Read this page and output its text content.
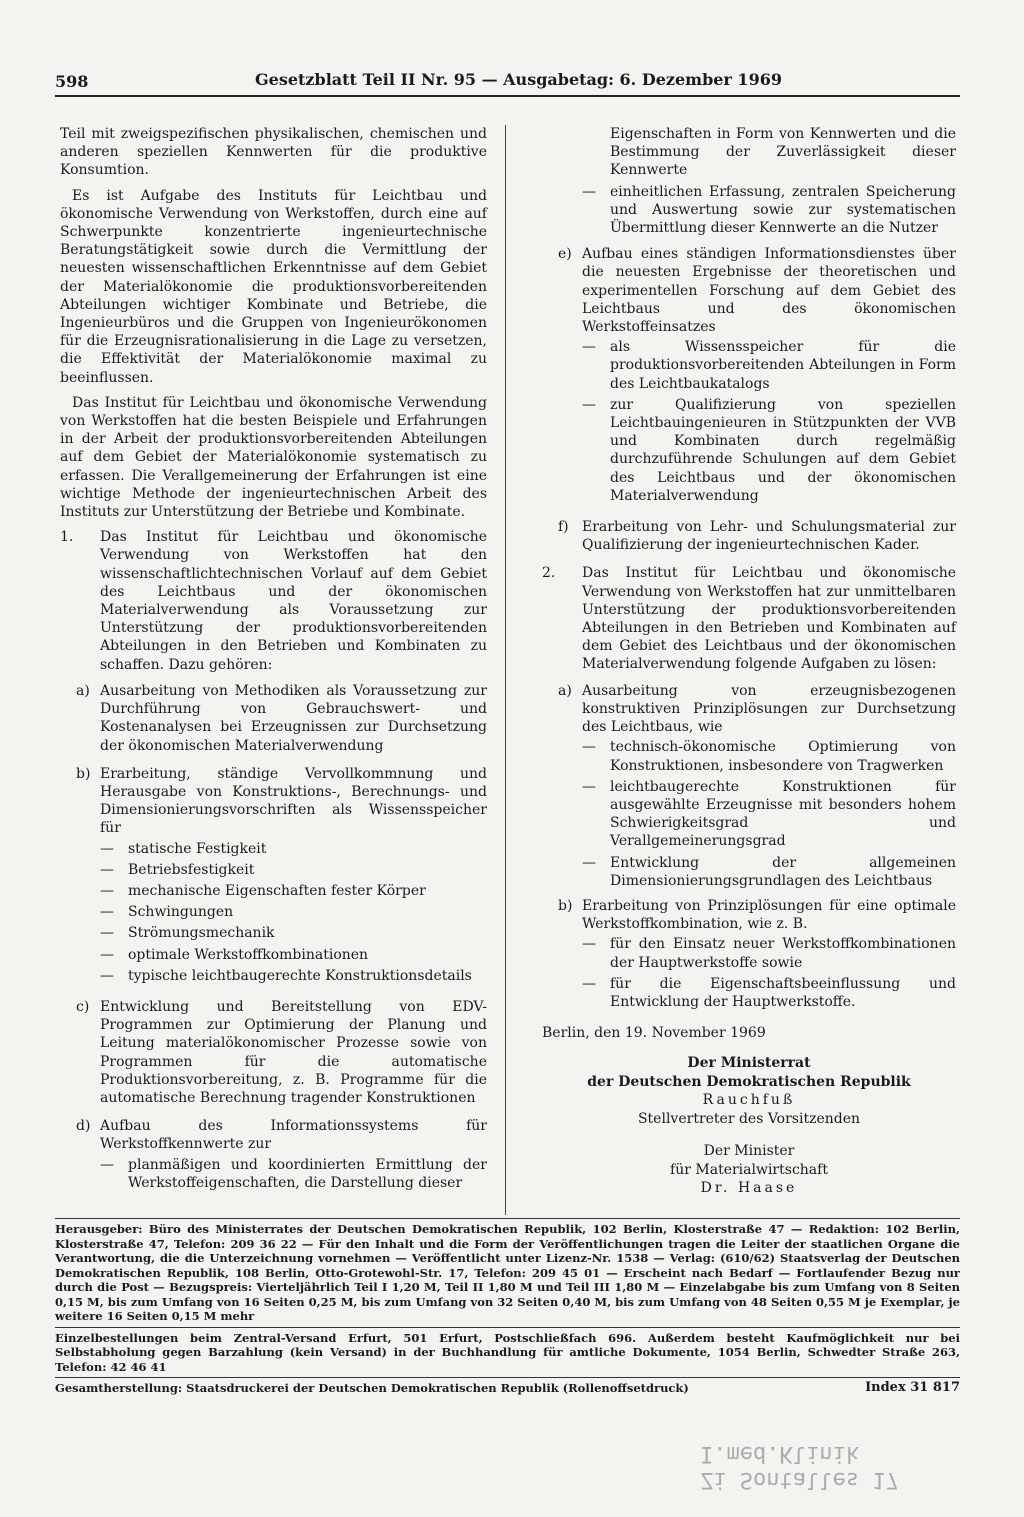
598	Gesetzblatt Teil II Nr. 95 — Ausgabetag: 6. Dezember 1969

Teil mit zweigspezifischen physikalischen, chemischen und anderen speziellen Kennwerten für die produktive Konsumtion.

Es ist Aufgabe des Instituts für Leichtbau und ökonomische Verwendung von Werkstoffen, durch eine auf Schwerpunkte konzentrierte ingenieurtechnische Beratungstätigkeit sowie durch die Vermittlung der neuesten wissenschaftlichen Erkenntnisse auf dem Gebiet der Materialökonomie die produktionsvorbereitenden Abteilungen wichtiger Kombinate und Betriebe, die Ingenieurbüros und die Gruppen von Ingenieurökonomen für die Erzeugnisrationalisierung in die Lage zu versetzen, die Effektivität der Materialökonomie maximal zu beeinflussen.

Das Institut für Leichtbau und ökonomische Verwendung von Werkstoffen hat die besten Beispiele und Erfahrungen in der Arbeit der produktionsvorbereitenden Abteilungen auf dem Gebiet der Materialökonomie systematisch zu erfassen. Die Verallgemeinerung der Erfahrungen ist eine wichtige Methode der ingenieurtechnischen Arbeit des Instituts zur Unterstützung der Betriebe und Kombinate.

1.	Das Institut für Leichtbau und ökonomische Verwendung von Werkstoffen hat den wissenschaftlichtechnischen Vorlauf auf dem Gebiet des Leichtbaus und der ökonomischen Materialverwendung als Voraussetzung zur Unterstützung der produktionsvorbereitenden Abteilungen in den Betrieben und Kombinaten zu schaffen. Dazu gehören:
a) Ausarbeitung von Methodiken als Voraussetzung zur Durchführung von Gebrauchswert- und Kostenanalysen bei Erzeugnissen zur Durchsetzung der ökonomischen Materialverwendung
b) Erarbeitung, ständige Vervollkommnung und Herausgabe von Konstruktions-, Berechnungs- und Dimensionierungsvorschriften als Wissensspeicher für
—	statische Festigkeit
—	Betriebsfestigkeit
—	mechanische Eigenschaften fester Körper
—	Schwingungen
—	Strömungsmechanik
—	optimale Werkstoffkombinationen
—	typische leichtbaugerechte Konstruktionsdetails
c) Entwicklung und Bereitstellung von EDV-Programmen zur Optimierung der Planung und Leitung materialökonomischer Prozesse sowie von Programmen für die automatische Produktionsvorbereitung, z. B. Programme für die automatische Berechnung tragender Konstruktionen
d) Aufbau des Informationssystems für Werkstoffkennwerte zur
—	planmäßigen und koordinierten Ermittlung der Werkstoffeigenschaften, die Darstellung dieser
Eigenschaften in Form von Kennwerten und die Bestimmung der Zuverlässigkeit dieser Kennwerte
—	einheitlichen Erfassung, zentralen Speicherung und Auswertung sowie zur systematischen Übermittlung dieser Kennwerte an die Nutzer
e) Aufbau eines ständigen Informationsdienstes über die neuesten Ergebnisse der theoretischen und experimentellen Forschung auf dem Gebiet des Leichtbaus und des ökonomischen Werkstoffeinsatzes
—	als Wissensspeicher für die produktionsvorbereitenden Abteilungen in Form des Leichtbaukatalogs
—	zur Qualifizierung von speziellen Leichtbauingenieuren in Stützpunkten der VVB und Kombinaten durch regelmäßig durchzuführende Schulungen auf dem Gebiet des Leichtbaus und der ökonomischen Materialverwendung
f) Erarbeitung von Lehr- und Schulungsmaterial zur Qualifizierung der ingenieurtechnischen Kader.
2.	Das Institut für Leichtbau und ökonomische Verwendung von Werkstoffen hat zur unmittelbaren Unterstützung der produktionsvorbereitenden Abteilungen in den Betrieben und Kombinaten auf dem Gebiet des Leichtbaus und der ökonomischen Materialverwendung folgende Aufgaben zu lösen:
a) Ausarbeitung von erzeugnisbezogenen konstruktiven Prinziplösungen zur Durchsetzung des Leichtbaus, wie
—	technisch-ökonomische Optimierung von Konstruktionen, insbesondere von Tragwerken
—	leichtbaugerechte Konstruktionen für ausgewählte Erzeugnisse mit besonders hohem Schwierigkeitsgrad und Verallgemeinerungsgrad
—	Entwicklung der allgemeinen Dimensionierungsgrundlagen des Leichtbaus
b) Erarbeitung von Prinziplösungen für eine optimale Werkstoffkombination, wie z. B.
—	für den Einsatz neuer Werkstoffkombinationen der Hauptwerkstoffe sowie
—	für die Eigenschaftsbeeinflussung und Entwicklung der Hauptwerkstoffe.
Berlin, den 19. November 1969
Der Ministerrat
der Deutschen Demokratischen Republik
Rauchfuß
Stellvertreter des Vorsitzenden
Der Minister
für Materialwirtschaft
Dr. Haase

Herausgeber: Büro des Ministerrates der Deutschen Demokratischen Republik, 102 Berlin, Klosterstraße 47 — Redaktion: 102 Berlin, Klosterstraße 47, Telefon: 209 36 22 — Für den Inhalt und die Form der Veröffentlichungen tragen die Leiter der staatlichen Organe die Verantwortung, die die Unterzeichnung vornehmen — Veröffentlicht unter Lizenz-Nr. 1538 — Verlag: (610/62) Staatsverlag der Deutschen Demokratischen Republik, 108 Berlin, Otto-Grotewohl-Str. 17, Telefon: 209 45 01 — Erscheint nach Bedarf — Fortlaufender Bezug nur durch die Post — Bezugspreis: Vierteljährlich Teil I 1,20 M, Teil II 1,80 M und Teil III 1,80 M — Einzelabgabe bis zum Umfang von 8 Seiten 0,15 M, bis zum Umfang von 16 Seiten 0,25 M, bis zum Umfang von 32 Seiten 0,40 M, bis zum Umfang von 48 Seiten 0,55 M je Exemplar, je weitere 16 Seiten 0,15 M mehr

Einzelbestellungen beim Zentral-Versand Erfurt, 501 Erfurt, Postschließfach 696. Außerdem besteht Kaufmöglichkeit nur bei Selbstabholung gegen Barzahlung (kein Versand) in der Buchhandlung für amtliche Dokumente, 1054 Berlin, Schwedter Straße 263, Telefon: 42 46 41

Gesamtherstellung: Staatsdruckerei der Deutschen Demokratischen Republik (Rollenoffsetdruck)	Index 31 817
Zi Sontalles 17
I.med.Klinik
